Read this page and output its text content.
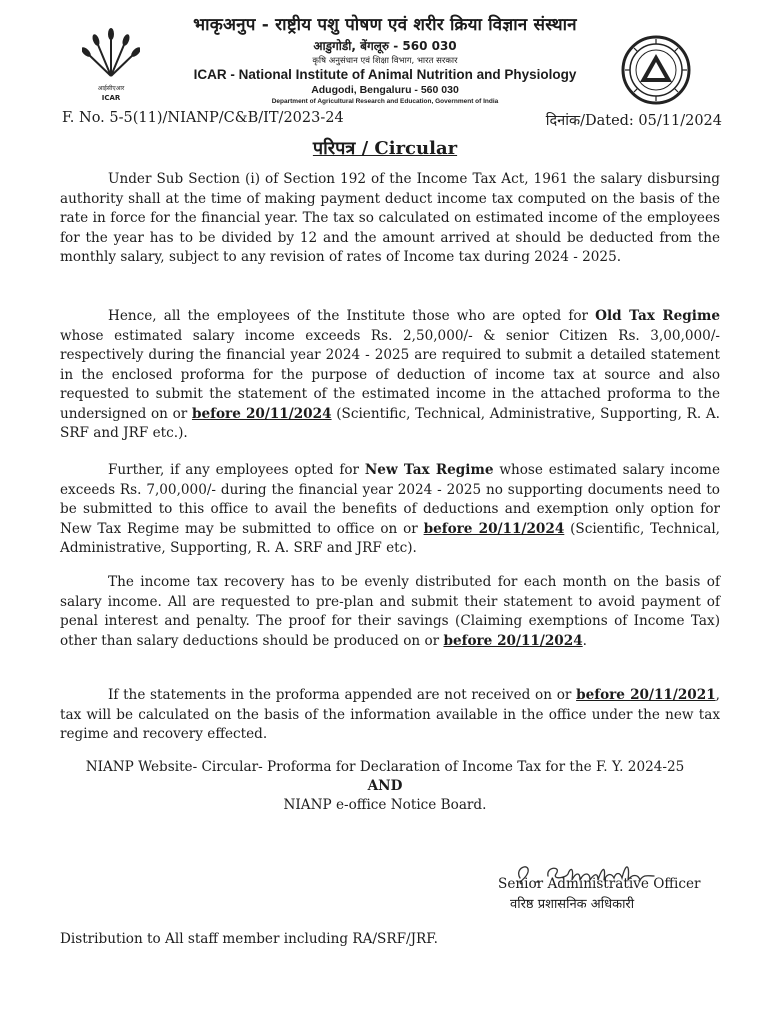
आईसीएआर
ICAR
भाकृअनुप - राष्ट्रीय पशु पोषण एवं शरीर क्रिया विज्ञान संस्थान
आडुगोडी, बेंगलूरु - 560 030
कृषि अनुसंधान एवं शिक्षा विभाग, भारत सरकार
ICAR - National Institute of Animal Nutrition and Physiology
Adugodi, Bengaluru - 560 030
Department of Agricultural Research and Education, Government of India
F. No. 5-5(11)/NIANP/C&B/IT/2023-24	दिनांक/Dated: 05/11/2024
परिपत्र / Circular

Under Sub Section (i) of Section 192 of the Income Tax Act, 1961 the salary disbursing authority shall at the time of making payment deduct income tax computed on the basis of the rate in force for the financial year. The tax so calculated on estimated income of the employees for the year has to be divided by 12 and the amount arrived at should be deducted from the monthly salary, subject to any revision of rates of Income tax during 2024 - 2025.

Hence, all the employees of the Institute those who are opted for Old Tax Regime whose estimated salary income exceeds Rs. 2,50,000/- & senior Citizen Rs. 3,00,000/- respectively during the financial year 2024 - 2025 are required to submit a detailed statement in the enclosed proforma for the purpose of deduction of income tax at source and also requested to submit the statement of the estimated income in the attached proforma to the undersigned on or before 20/11/2024 (Scientific, Technical, Administrative, Supporting, R. A. SRF and JRF etc.).

Further, if any employees opted for New Tax Regime whose estimated salary income exceeds Rs. 7,00,000/- during the financial year 2024 - 2025 no supporting documents need to be submitted to this office to avail the benefits of deductions and exemption only option for New Tax Regime may be submitted to office on or before 20/11/2024 (Scientific, Technical, Administrative, Supporting, R. A. SRF and JRF etc).

The income tax recovery has to be evenly distributed for each month on the basis of salary income. All are requested to pre-plan and submit their statement to avoid payment of penal interest and penalty. The proof for their savings (Claiming exemptions of Income Tax) other than salary deductions should be produced on or before 20/11/2024.

If the statements in the proforma appended are not received on or before 20/11/2021, tax will be calculated on the basis of the information available in the office under the new tax regime and recovery effected.

NIANP Website- Circular- Proforma for Declaration of Income Tax for the F. Y. 2024-25
AND
NIANP e-office Notice Board.
Senior Administrative Officer
वरिष्ठ प्रशासनिक अधिकारी
Distribution to All staff member including RA/SRF/JRF.
